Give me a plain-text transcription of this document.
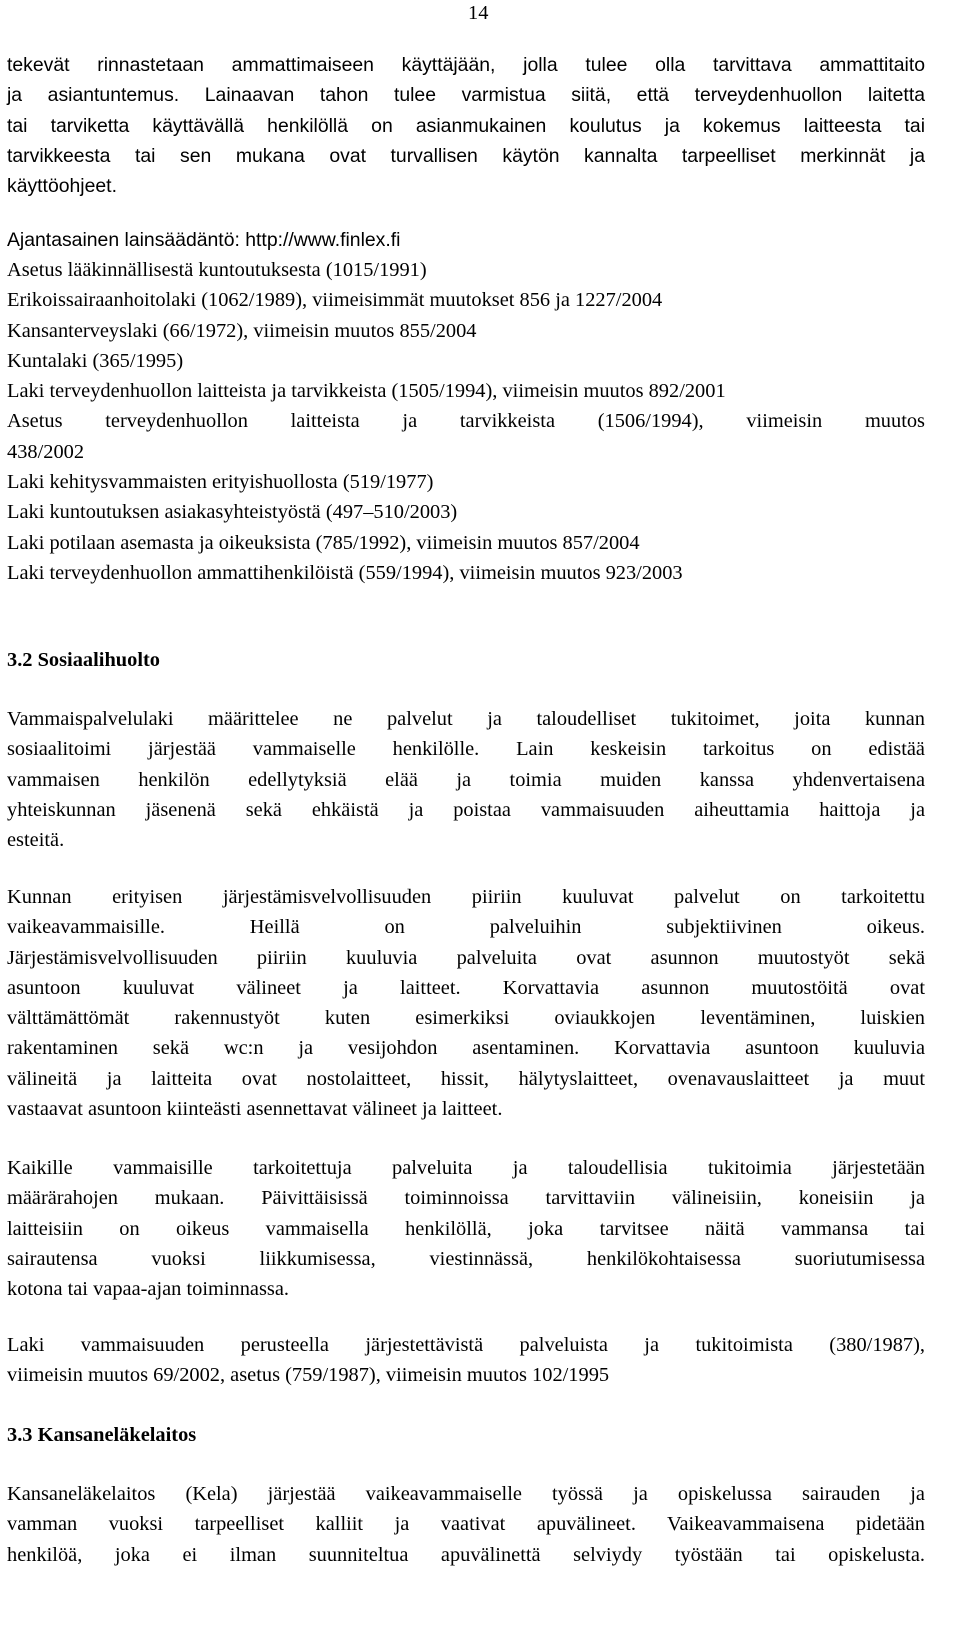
14
tekevät rinnastetaan ammattimaiseen käyttäjään, jolla tulee olla tarvittava ammattitaito
ja asiantuntemus. Lainaavan tahon tulee varmistua siitä, että terveydenhuollon laitetta
tai tarviketta käyttävällä henkilöllä on asianmukainen koulutus ja kokemus laitteesta tai
tarvikkeesta tai sen mukana ovat turvallisen käytön kannalta tarpeelliset merkinnät ja
käyttöohjeet.
Ajantasainen lainsäädäntö: http://www.finlex.fi
Asetus lääkinnällisestä kuntoutuksesta (1015/1991)
Erikoissairaanhoitolaki (1062/1989), viimeisimmät muutokset 856 ja 1227/2004
Kansanterveyslaki (66/1972), viimeisin muutos 855/2004
Kuntalaki (365/1995)
Laki terveydenhuollon laitteista ja tarvikkeista (1505/1994), viimeisin muutos 892/2001
Asetus terveydenhuollon laitteista ja tarvikkeista (1506/1994), viimeisin muutos
438/2002
Laki kehitysvammaisten erityishuollosta (519/1977)
Laki kuntoutuksen asiakasyhteistyöstä (497–510/2003)
Laki potilaan asemasta ja oikeuksista (785/1992), viimeisin muutos 857/2004
Laki terveydenhuollon ammattihenkilöistä (559/1994), viimeisin muutos 923/2003
3.2 Sosiaalihuolto
Vammaispalvelulaki määrittelee ne palvelut ja taloudelliset tukitoimet, joita kunnan
sosiaalitoimi järjestää vammaiselle henkilölle. Lain keskeisin tarkoitus on edistää
vammaisen henkilön edellytyksiä elää ja toimia muiden kanssa yhdenvertaisena
yhteiskunnan jäsenenä sekä ehkäistä ja poistaa vammaisuuden aiheuttamia haittoja ja
esteitä.
Kunnan erityisen järjestämisvelvollisuuden piiriin kuuluvat palvelut on tarkoitettu
vaikeavammaisille. Heillä on palveluihin subjektiivinen oikeus.
Järjestämisvelvollisuuden piiriin kuuluvia palveluita ovat asunnon muutostyöt sekä
asuntoon kuuluvat välineet ja laitteet. Korvattavia asunnon muutostöitä ovat
välttämättömät rakennustyöt kuten esimerkiksi oviaukkojen leventäminen, luiskien
rakentaminen sekä wc:n ja vesijohdon asentaminen. Korvattavia asuntoon kuuluvia
välineitä ja laitteita ovat nostolaitteet, hissit, hälytyslaitteet, ovenavauslaitteet ja muut
vastaavat asuntoon kiinteästi asennettavat välineet ja laitteet.
Kaikille vammaisille tarkoitettuja palveluita ja taloudellisia tukitoimia järjestetään
määrärahojen mukaan. Päivittäisissä toiminnoissa tarvittaviin välineisiin, koneisiin ja
laitteisiin on oikeus vammaisella henkilöllä, joka tarvitsee näitä vammansa tai
sairautensa vuoksi liikkumisessa, viestinnässä, henkilökohtaisessa suoriutumisessa
kotona tai vapaa-ajan toiminnassa.
Laki vammaisuuden perusteella järjestettävistä palveluista ja tukitoimista (380/1987),
viimeisin muutos 69/2002, asetus (759/1987), viimeisin muutos 102/1995
3.3 Kansaneläkelaitos
Kansaneläkelaitos (Kela) järjestää vaikeavammaiselle työssä ja opiskelussa sairauden ja
vamman vuoksi tarpeelliset kalliit ja vaativat apuvälineet. Vaikeavammaisena pidetään
henkilöä, joka ei ilman suunniteltua apuvälinettä selviydy työstään tai opiskelusta.
